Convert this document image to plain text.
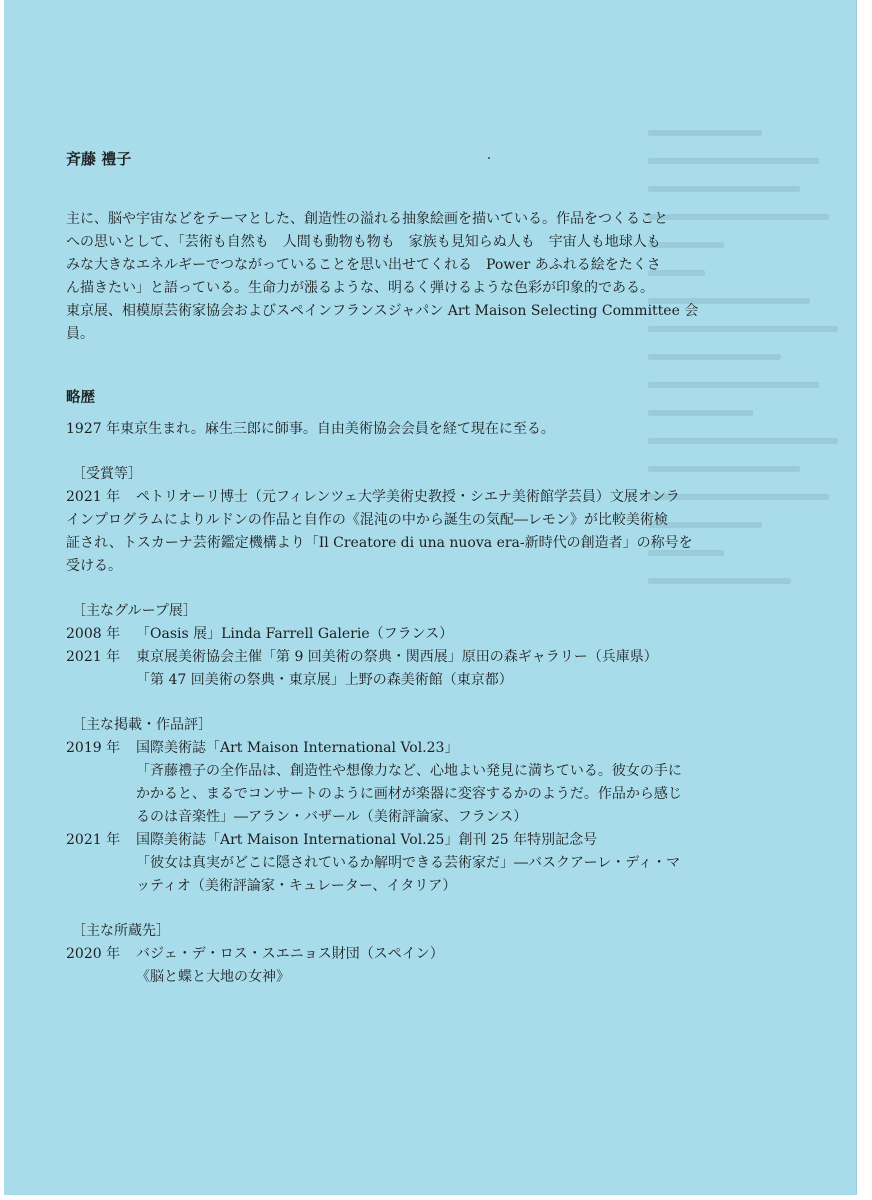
斉藤 禮子

主に、脳や宇宙などをテーマとした、創造性の溢れる抽象絵画を描いている。作品をつくること

への思いとして、「芸術も自然も　人間も動物も物も　家族も見知らぬ人も　宇宙人も地球人も

みな大きなエネルギーでつながっていることを思い出せてくれる　Power あふれる絵をたくさ

ん描きたい」と語っている。生命力が漲るような、明るく弾けるような色彩が印象的である。

東京展、相模原芸術家協会およびスペインフランスジャパン Art Maison Selecting Committee 会

員。

略歴
1927 年東京生まれ。麻生三郎に師事。自由美術協会会員を経て現在に至る。
［受賞等］
2021 年	ペトリオーリ博士（元フィレンツェ大学美術史教授・シエナ美術館学芸員）文展オンラ
インプログラムによりルドンの作品と自作の《混沌の中から誕生の気配―レモン》が比較美術検
証され、トスカーナ芸術鑑定機構より「Il Creatore di una nuova era-新時代の創造者」の称号を
受ける。
［主なグループ展］
2008 年	「Oasis 展」Linda Farrell Galerie（フランス）
2021 年	東京展美術協会主催「第 9 回美術の祭典・関西展」原田の森ギャラリー（兵庫県）
「第 47 回美術の祭典・東京展」上野の森美術館（東京都）
［主な掲載・作品評］
2019 年	国際美術誌「Art Maison International Vol.23」
「斉藤禮子の全作品は、創造性や想像力など、心地よい発見に満ちている。彼女の手に
かかると、まるでコンサートのように画材が楽器に変容するかのようだ。作品から感じ
るのは音楽性」―アラン・バザール（美術評論家、フランス）
2021 年	国際美術誌「Art Maison International Vol.25」創刊 25 年特別記念号
「彼女は真実がどこに隠されているか解明できる芸術家だ」―バスクアーレ・ディ・マ
ッティオ（美術評論家・キュレーター、イタリア）
［主な所蔵先］
2020 年	バジェ・デ・ロス・スエニョス財団（スペイン）
《脳と蝶と大地の女神》
